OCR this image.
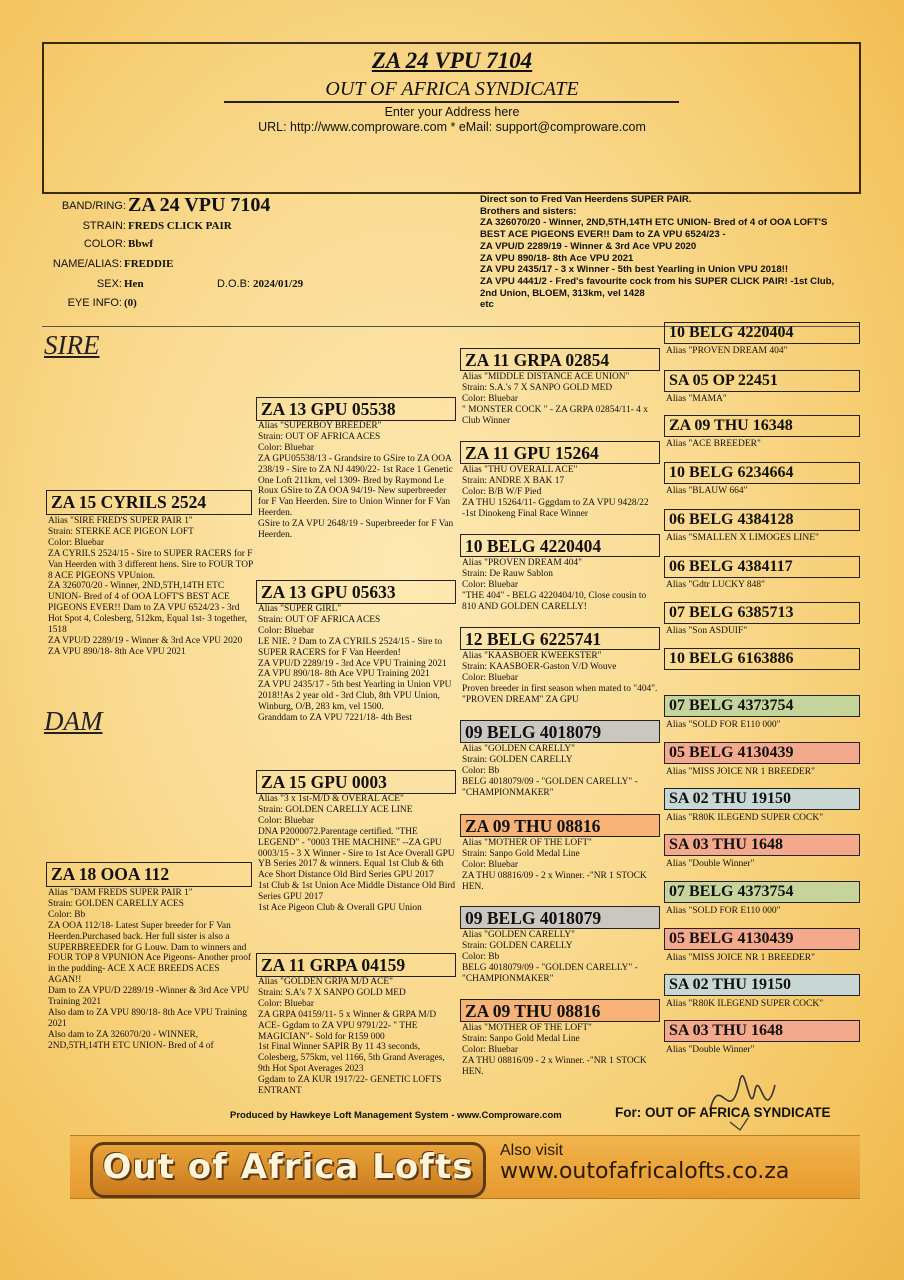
ZA 24 VPU 7104
OUT OF AFRICA SYNDICATE
Enter your Address here
URL: http://www.comproware.com * eMail: support@comproware.com
BAND/RING: ZA 24 VPU 7104
STRAIN: FREDS CLICK PAIR
COLOR: Bbwf
NAME/ALIAS: FREDDIE
SEX: Hen	D.O.B: 2024/01/29
EYE INFO: (0)
Direct son to Fred Van Heerdens SUPER PAIR.
Brothers and sisters:
ZA 326070/20 - Winner, 2ND,5TH,14TH ETC UNION- Bred of 4 of OOA LOFT'S BEST ACE PIGEONS EVER!! Dam to ZA VPU 6524/23 -
ZA VPU/D 2289/19 - Winner & 3rd Ace VPU 2020
ZA VPU 890/18- 8th Ace VPU 2021
ZA VPU 2435/17 - 3 x Winner - 5th best Yearling in Union VPU 2018!!
ZA VPU 4441/2 - Fred's favourite cock from his SUPER CLICK PAIR! -1st Club, 2nd Union, BLOEM, 313km, vel 1428
etc
SIRE
DAM
ZA 15 CYRILS 2524
Alias "SIRE FRED'S SUPER PAIR 1"
Strain: STERKE ACE PIGEON LOFT
Color: Bluebar
ZA CYRILS 2524/15 - Sire to SUPER RACERS for F Van Heerden with 3 different hens. Sire to FOUR TOP 8 ACE PIGEONS VPUnion.
ZA 326070/20 - Winner, 2ND,5TH,14TH ETC UNION- Bred of 4 of OOA LOFT'S BEST ACE PIGEONS EVER!! Dam to ZA VPU 6524/23 - 3rd Hot Spot 4, Colesberg, 512km, Equal 1st- 3 together, 1518
ZA VPU/D 2289/19 - Winner & 3rd Ace VPU 2020
ZA VPU 890/18- 8th Ace VPU 2021
ZA 18 OOA 112
Alias "DAM FREDS SUPER PAIR 1"
Strain: GOLDEN CARELLY ACES
Color: Bb
ZA OOA 112/18- Latest Super breeder for F Van Heerden.Purchased back. Her full sister is also a SUPERBREEDER for G Louw. Dam to winners and FOUR TOP 8 VPUNION Ace Pigeons- Another proof in the pudding- ACE X ACE BREEDS ACES AGAN!!
Dam to ZA VPU/D 2289/19 -Winner & 3rd Ace VPU Training 2021
Also dam to ZA VPU 890/18- 8th Ace VPU Training 2021
Also dam to ZA 326070/20 - WINNER, 2ND,5TH,14TH ETC UNION- Bred of 4 of
ZA 13 GPU 05538
Alias "SUPERBOY BREEDER"
Strain: OUT OF AFRICA ACES
Color: Bluebar
ZA GPU05538/13 - Grandsire to GSire to ZA OOA 238/19 - Sire to ZA NJ 4490/22- 1st Race 1 Genetic One Loft 211km, vel 1309- Bred by Raymond Le Roux GSire to ZA OOA 94/19- New superbreeder for F Van Heerden. Sire to Union Winner for F Van Heerden.
GSire to ZA VPU 2648/19 - Superbreeder for F Van Heerden.
ZA 13 GPU 05633
Alias "SUPER GIRL"
Strain: OUT OF AFRICA ACES
Color: Bluebar
LE NIE. ? Dam to ZA CYRILS 2524/15 - Sire to SUPER RACERS for F Van Heerden!
ZA VPU/D 2289/19 - 3rd Ace VPU Training 2021
ZA VPU 890/18- 8th Ace VPU Training 2021
ZA VPU 2435/17 - 5th best Yearling in Union VPU 2018!!As 2 year old - 3rd Club, 8th VPU Union, Winburg, O/B, 283 km, vel 1500.
Granddam to ZA VPU 7221/18- 4th Best
ZA 15 GPU 0003
Alias "3 x 1st-M/D & OVERAL ACE"
Strain: GOLDEN CARELLY ACE LINE
Color: Bluebar
DNA P2000072.Parentage certified. "THE LEGEND" - "0003 THE MACHINE" --ZA GPU 0003/15 - 3 X Winner - Sire to 1st Ace Overall GPU YB Series 2017 & winners. Equal 1st Club & 6th Ace Short Distance Old Bird Series GPU 2017
1st Club & 1st Union Ace Middle Distance Old Bird Series GPU 2017
1st Ace Pigeon Club & Overall GPU Union
ZA 11 GRPA 04159
Alias "GOLDEN GRPA M/D ACE"
Strain: S.A's 7 X SANPO GOLD MED
Color: Bluebar
ZA GRPA 04159/11- 5 x Winner & GRPA M/D ACE- Ggdam to ZA VPU 9791/22- " THE MAGICIAN"- Sold for R159 000
1st Final Winner SAPIR By 11 43 seconds, Colesberg, 575km, vel 1166, 5th Grand Averages, 9th Hot Spot Averages 2023
Ggdam to ZA KUR 1917/22- GENETIC LOFTS ENTRANT
ZA 11 GRPA 02854
Alias "MIDDLE DISTANCE ACE UNION"
Strain: S.A.'s 7 X SANPO GOLD MED
Color: Bluebar
" MONSTER COCK " - ZA GRPA 02854/11- 4 x Club Winner
ZA 11 GPU 15264
Alias "THU OVERALL ACE"
Strain: ANDRE X BAK 17
Color: B/B W/F Pied
ZA THU 15264/11- Gggdam to ZA VPU 9428/22 -1st Dinokeng Final Race Winner
10 BELG 4220404
Alias "PROVEN DREAM 404"
Strain: De Rauw Sablon
Color: Bluebar
"THE 404" - BELG 4220404/10, Close cousin to 810 AND GOLDEN CARELLY!
12 BELG 6225741
Alias "KAASBOER KWEEKSTER"
Strain: KAASBOER-Gaston V/D Wouve
Color: Bluebar
Proven breeder in first season when mated to "404". "PROVEN DREAM" ZA GPU
09 BELG 4018079
Alias "GOLDEN CARELLY"
Strain: GOLDEN CARELLY
Color: Bb
BELG 4018079/09 - "GOLDEN CARELLY" - "CHAMPIONMAKER"
ZA 09 THU 08816
Alias "MOTHER OF THE LOFT"
Strain: Sanpo Gold Medal Line
Color: Bluebar
ZA THU 08816/09 - 2 x Winner. -"NR 1 STOCK HEN.
09 BELG 4018079
Alias "GOLDEN CARELLY"
Strain: GOLDEN CARELLY
Color: Bb
BELG 4018079/09 - "GOLDEN CARELLY" - "CHAMPIONMAKER"
ZA 09 THU 08816
Alias "MOTHER OF THE LOFT"
Strain: Sanpo Gold Medal Line
Color: Bluebar
ZA THU 08816/09 - 2 x Winner. -"NR 1 STOCK HEN.
10 BELG 4220404
Alias "PROVEN DREAM 404"
SA 05 OP 22451
Alias "MAMA"
ZA 09 THU 16348
Alias "ACE BREEDER"
10 BELG 6234664
Alias "BLAUW 664"
06 BELG 4384128
Alias "SMALLEN X LIMOGES LINE"
06 BELG 4384117
Alias "Gdtr LUCKY 848"
07 BELG 6385713
Alias "Son ASDUIF"
10 BELG 6163886
07 BELG 4373754
Alias "SOLD FOR E110 000"
05 BELG 4130439
Alias "MISS JOICE NR 1 BREEDER"
SA 02 THU 19150
Alias "R80K ILEGEND SUPER COCK"
SA 03 THU 1648
Alias "Double Winner"
07 BELG 4373754
Alias "SOLD FOR E110 000"
05 BELG 4130439
Alias "MISS JOICE NR 1 BREEDER"
SA 02 THU 19150
Alias "R80K ILEGEND SUPER COCK"
SA 03 THU 1648
Alias "Double Winner"
Produced by Hawkeye Loft Management System - www.Comproware.com	For: OUT OF AFRICA SYNDICATE
Out of Africa Lofts	Also visit
www.outofafricalofts.co.za
